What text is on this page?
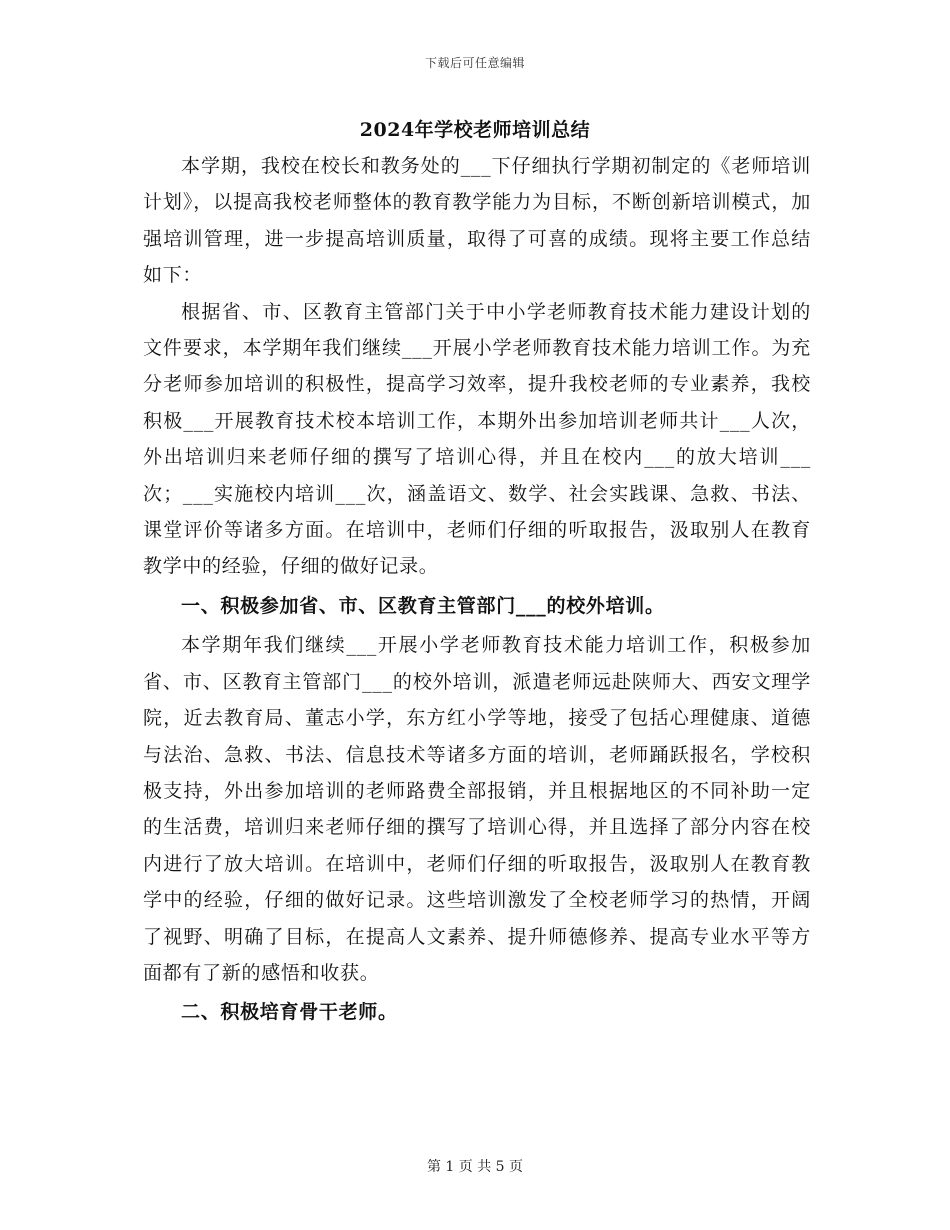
下载后可任意编辑
2024年学校老师培训总结

本学期，我校在校长和教务处的___下仔细执行学期初制定的《老师培训计划》，以提高我校老师整体的教育教学能力为目标，不断创新培训模式，加强培训管理，进一步提高培训质量，取得了可喜的成绩。现将主要工作总结如下：

根据省、市、区教育主管部门关于中小学老师教育技术能力建设计划的文件要求，本学期年我们继续___开展小学老师教育技术能力培训工作。为充分老师参加培训的积极性，提高学习效率，提升我校老师的专业素养，我校积极___开展教育技术校本培训工作，本期外出参加培训老师共计___人次，外出培训归来老师仔细的撰写了培训心得，并且在校内___的放大培训___次；___实施校内培训___次，涵盖语文、数学、社会实践课、急救、书法、课堂评价等诸多方面。在培训中，老师们仔细的听取报告，汲取别人在教育教学中的经验，仔细的做好记录。

一、积极参加省、市、区教育主管部门___的校外培训。

本学期年我们继续___开展小学老师教育技术能力培训工作，积极参加省、市、区教育主管部门___的校外培训，派遣老师远赴陕师大、西安文理学院，近去教育局、董志小学，东方红小学等地，接受了包括心理健康、道德与法治、急救、书法、信息技术等诸多方面的培训，老师踊跃报名，学校积极支持，外出参加培训的老师路费全部报销，并且根据地区的不同补助一定的生活费，培训归来老师仔细的撰写了培训心得，并且选择了部分内容在校内进行了放大培训。在培训中，老师们仔细的听取报告，汲取别人在教育教学中的经验，仔细的做好记录。这些培训激发了全校老师学习的热情，开阔了视野、明确了目标，在提高人文素养、提升师德修养、提高专业水平等方面都有了新的感悟和收获。

二、积极培育骨干老师。

第 1 页 共 5 页
